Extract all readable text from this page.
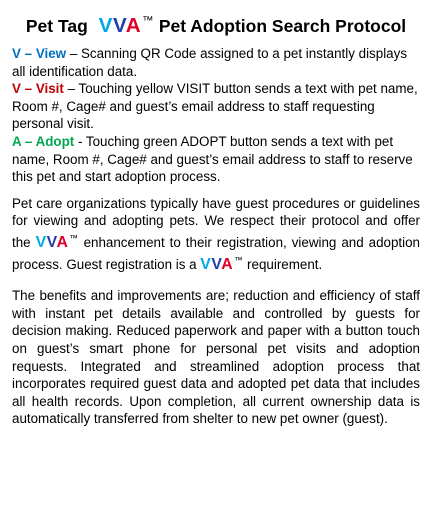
Pet Tag VVA™ Pet Adoption Search Protocol

V – View – Scanning QR Code assigned to a pet instantly displays all identification data.

V – Visit – Touching yellow VISIT button sends a text with pet name, Room #, Cage# and guest’s email address to staff requesting personal visit.

A – Adopt - Touching green ADOPT button sends a text with pet name, Room #, Cage# and guest’s email address to staff to reserve this pet and start adoption process.

Pet care organizations typically have guest procedures or guidelines for viewing and adopting pets. We respect their protocol and offer the VVA™ enhancement to their registration, viewing and adoption process. Guest registration is a VVA™ requirement.

The benefits and improvements are; reduction and efficiency of staff with instant pet details available and controlled by guests for decision making. Reduced paperwork and paper with a button touch on guest’s smart phone for personal pet visits and adoption requests. Integrated and streamlined adoption process that incorporates required guest data and adopted pet data that includes all health records. Upon completion, all current ownership data is automatically transferred from shelter to new pet owner (guest).
